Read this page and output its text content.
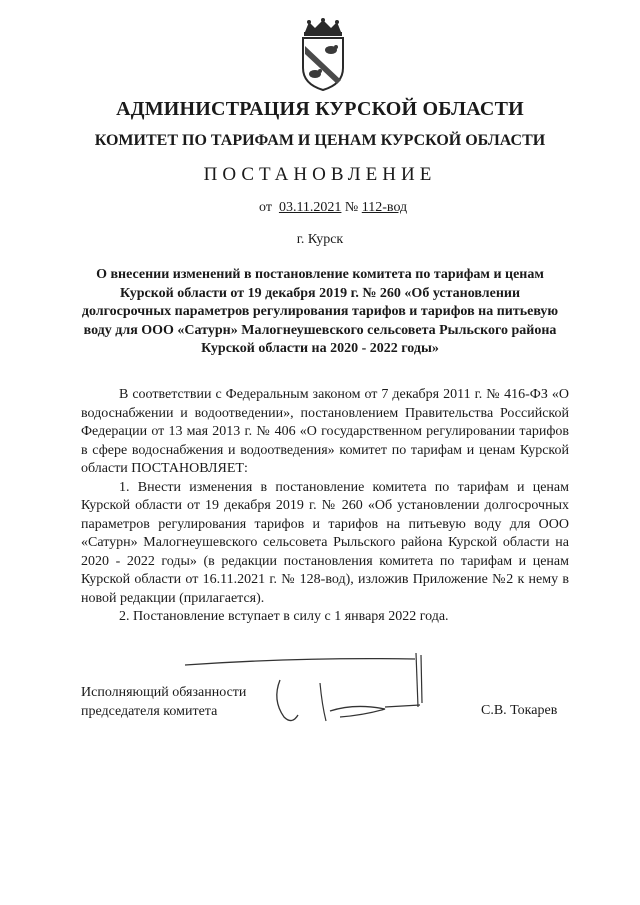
АДМИНИСТРАЦИЯ КУРСКОЙ ОБЛАСТИ
КОМИТЕТ ПО ТАРИФАМ И ЦЕНАМ КУРСКОЙ ОБЛАСТИ
ПОСТАНОВЛЕНИЕ
от 03.11.2021 № 112-вод
г. Курск
О внесении изменений в постановление комитета по тарифам и ценам Курской области от 19 декабря 2019 г. № 260 «Об установлении долгосрочных параметров регулирования тарифов и тарифов на питьевую воду для ООО «Сатурн» Малогнеушевского сельсовета Рыльского района Курской области на 2020 - 2022 годы»

В соответствии с Федеральным законом от 7 декабря 2011 г. № 416-ФЗ «О водоснабжении и водоотведении», постановлением Правительства Российской Федерации от 13 мая 2013 г. № 406 «О государственном регулировании тарифов в сфере водоснабжения и водоотведения» комитет по тарифам и ценам Курской области ПОСТАНОВЛЯЕТ:

1. Внести изменения в постановление комитета по тарифам и ценам Курской области от 19 декабря 2019 г. № 260 «Об установлении долгосрочных параметров регулирования тарифов и тарифов на питьевую воду для ООО «Сатурн» Малогнеушевского сельсовета Рыльского района Курской области на 2020 - 2022 годы» (в редакции постановления комитета по тарифам и ценам Курской области от 16.11.2021 г. № 128-вод), изложив Приложение №2 к нему в новой редакции (прилагается).

2. Постановление вступает в силу с 1 января 2022 года.

Исполняющий обязанности
председателя комитета	С.В. Токарев
